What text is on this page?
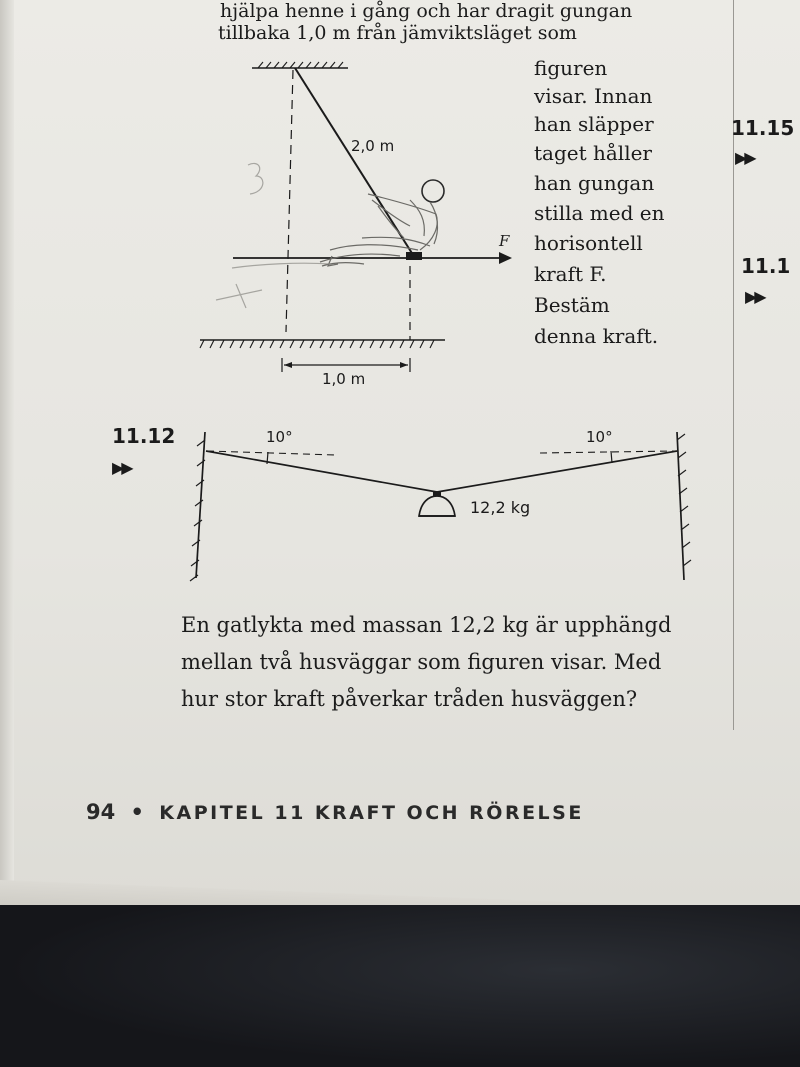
hjälpa henne i gång och har dragit gungan
tillbaka 1,0 m från jämviktsläget som
figuren
visar. Innan
han släpper
taget håller
han gungan
stilla med en
horisontell
kraft F.
Bestäm
denna kraft.
11.15
▶▶
11.1
▶▶
2,0 m
1,0 m
F
11.12
▶▶
10°	10°
12,2 kg
En gatlykta med massan 12,2 kg är upphängd
mellan två husväggar som figuren visar. Med
hur stor kraft påverkar tråden husväggen?
94 • KAPITEL 11 KRAFT OCH RÖRELSE
